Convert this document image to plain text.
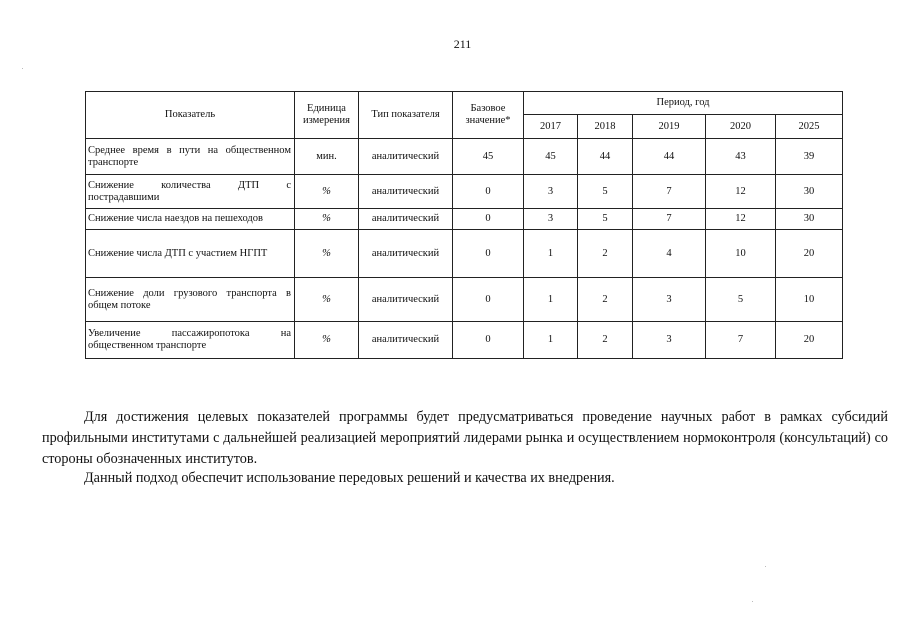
211
Показатель	Единица измерения	Тип показателя	Базовое значение*	Период, год				
				2017	2018	2019	2020	2025
Среднее время в пути на общественном транспорте	мин.	аналитический	45	45	44	44	43	39
Снижение количества ДТП с пострадавшими	%	аналитический	0	3	5	7	12	30
Снижение числа наездов на пешеходов	%	аналитический	0	3	5	7	12	30
Снижение числа ДТП с участием НГПТ	%	аналитический	0	1	2	4	10	20
Снижение доли грузового транспорта в общем потоке	%	аналитический	0	1	2	3	5	10
Увеличение пассажиропотока на общественном транспорте	%	аналитический	0	1	2	3	7	20

Для достижения целевых показателей программы будет предусматриваться проведение научных работ в рамках субсидий профильными институтами с дальнейшей реализацией мероприятий лидерами рынка и осуществлением нормоконтроля (консультаций) со стороны обозначенных институтов.

Данный подход обеспечит использование передовых решений и качества их внедрения.
